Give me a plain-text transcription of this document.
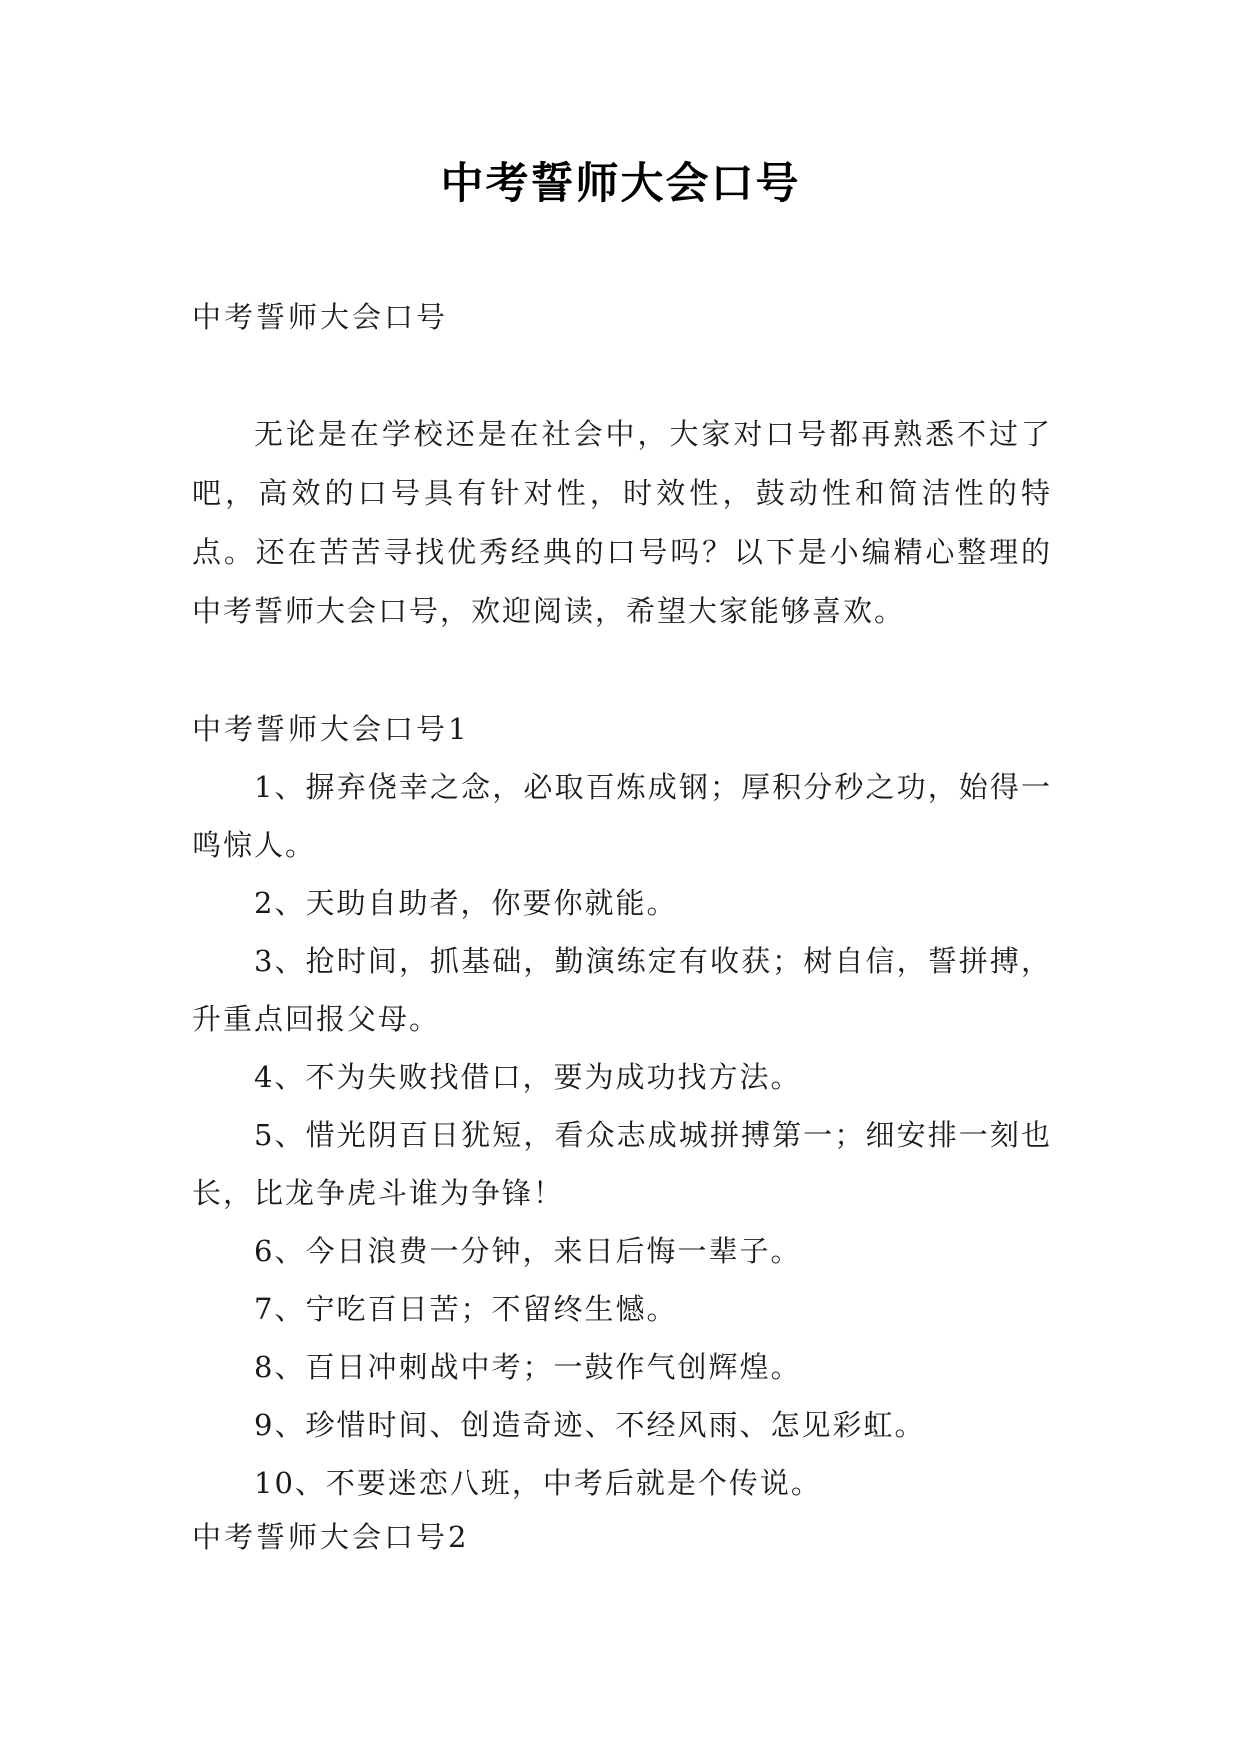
中考誓师大会口号
中考誓师大会口号

无论是在学校还是在社会中，大家对口号都再熟悉不过了吧，高效的口号具有针对性，时效性，鼓动性和简洁性的特点。还在苦苦寻找优秀经典的口号吗？以下是小编精心整理的中考誓师大会口号，欢迎阅读，希望大家能够喜欢。

中考誓师大会口号1
1、摒弃侥幸之念，必取百炼成钢；厚积分秒之功，始得一鸣惊人。
2、天助自助者，你要你就能。
3、抢时间，抓基础，勤演练定有收获；树自信，誓拼搏，升重点回报父母。
4、不为失败找借口，要为成功找方法。
5、惜光阴百日犹短，看众志成城拼搏第一；细安排一刻也长，比龙争虎斗谁为争锋！
6、今日浪费一分钟，来日后悔一辈子。
7、宁吃百日苦；不留终生憾。
8、百日冲刺战中考；一鼓作气创辉煌。
9、珍惜时间、创造奇迹、不经风雨、怎见彩虹。
10、不要迷恋八班，中考后就是个传说。
中考誓师大会口号2
